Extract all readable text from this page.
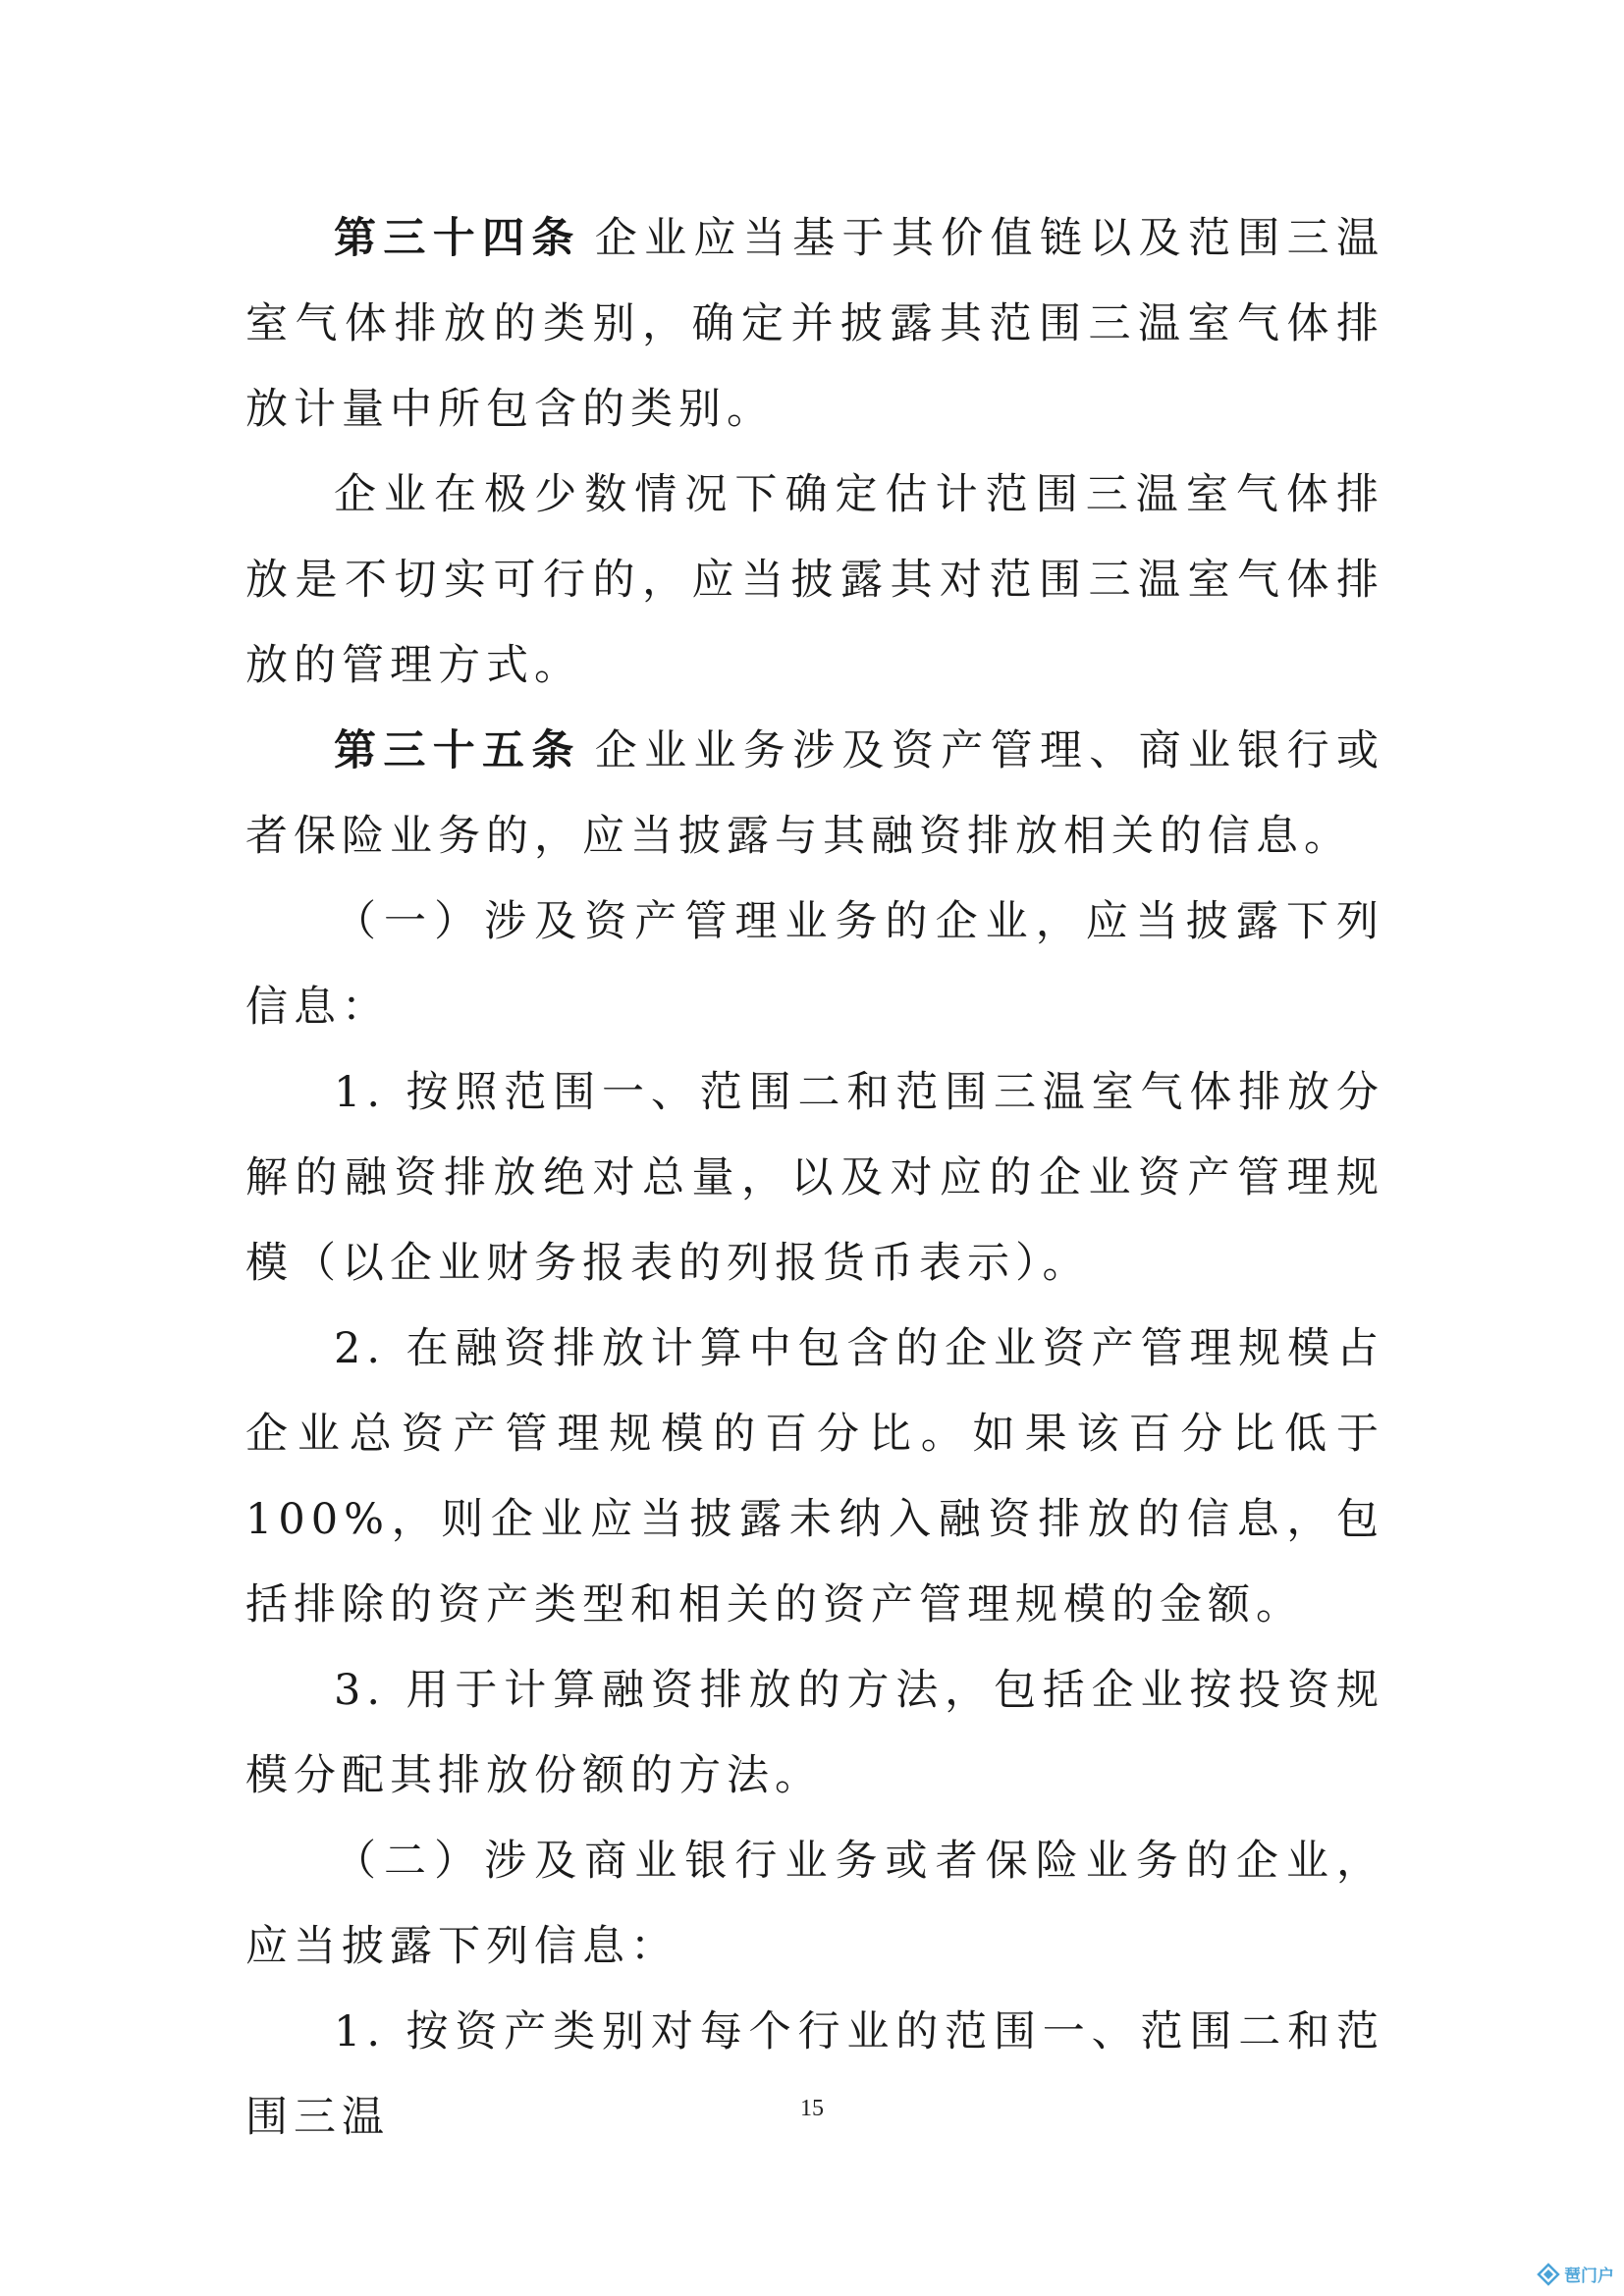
第三十四条 企业应当基于其价值链以及范围三温室气体排放的类别，确定并披露其范围三温室气体排放计量中所包含的类别。

企业在极少数情况下确定估计范围三温室气体排放是不切实可行的，应当披露其对范围三温室气体排放的管理方式。

第三十五条 企业业务涉及资产管理、商业银行或者保险业务的，应当披露与其融资排放相关的信息。

（一）涉及资产管理业务的企业，应当披露下列信息：

1. 按照范围一、范围二和范围三温室气体排放分解的融资排放绝对总量，以及对应的企业资产管理规模（以企业财务报表的列报货币表示）。

2. 在融资排放计算中包含的企业资产管理规模占企业总资产管理规模的百分比。如果该百分比低于 100%，则企业应当披露未纳入融资排放的信息，包括排除的资产类型和相关的资产管理规模的金额。

3. 用于计算融资排放的方法，包括企业按投资规模分配其排放份额的方法。

（二）涉及商业银行业务或者保险业务的企业，应当披露下列信息：

1. 按资产类别对每个行业的范围一、范围二和范围三温	15
琶门户
